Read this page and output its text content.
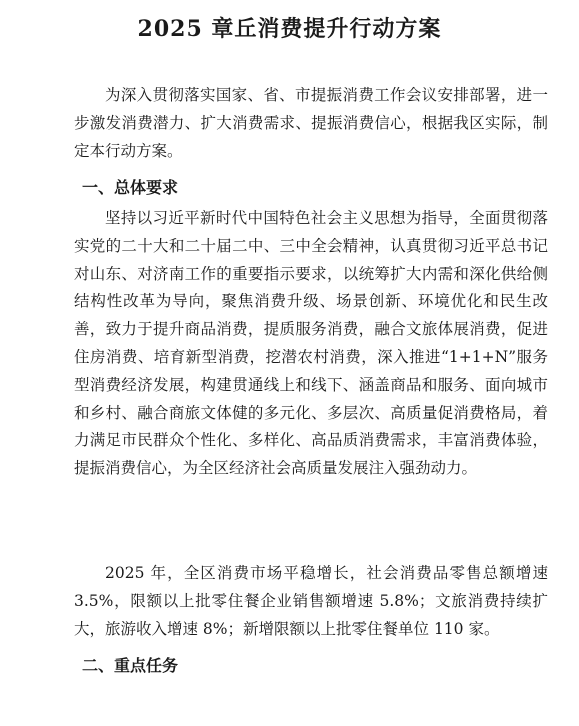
2025 章丘消费提升行动方案

为深入贯彻落实国家、省、市提振消费工作会议安排部署，进一步激发消费潜力、扩大消费需求、提振消费信心，根据我区实际，制定本行动方案。

一、总体要求

坚持以习近平新时代中国特色社会主义思想为指导，全面贯彻落实党的二十大和二十届二中、三中全会精神，认真贯彻习近平总书记对山东、对济南工作的重要指示要求，以统筹扩大内需和深化供给侧结构性改革为导向，聚焦消费升级、场景创新、环境优化和民生改善，致力于提升商品消费，提质服务消费，融合文旅体展消费，促进住房消费、培育新型消费，挖潜农村消费，深入推进“1+1+N”服务型消费经济发展，构建贯通线上和线下、涵盖商品和服务、面向城市和乡村、融合商旅文体健的多元化、多层次、高质量促消费格局，着力满足市民群众个性化、多样化、高品质消费需求，丰富消费体验，提振消费信心，为全区经济社会高质量发展注入强劲动力。

2025 年，全区消费市场平稳增长，社会消费品零售总额增速 3.5%，限额以上批零住餐企业销售额增速 5.8%；文旅消费持续扩大，旅游收入增速 8%；新增限额以上批零住餐单位 110 家。

二、重点任务
